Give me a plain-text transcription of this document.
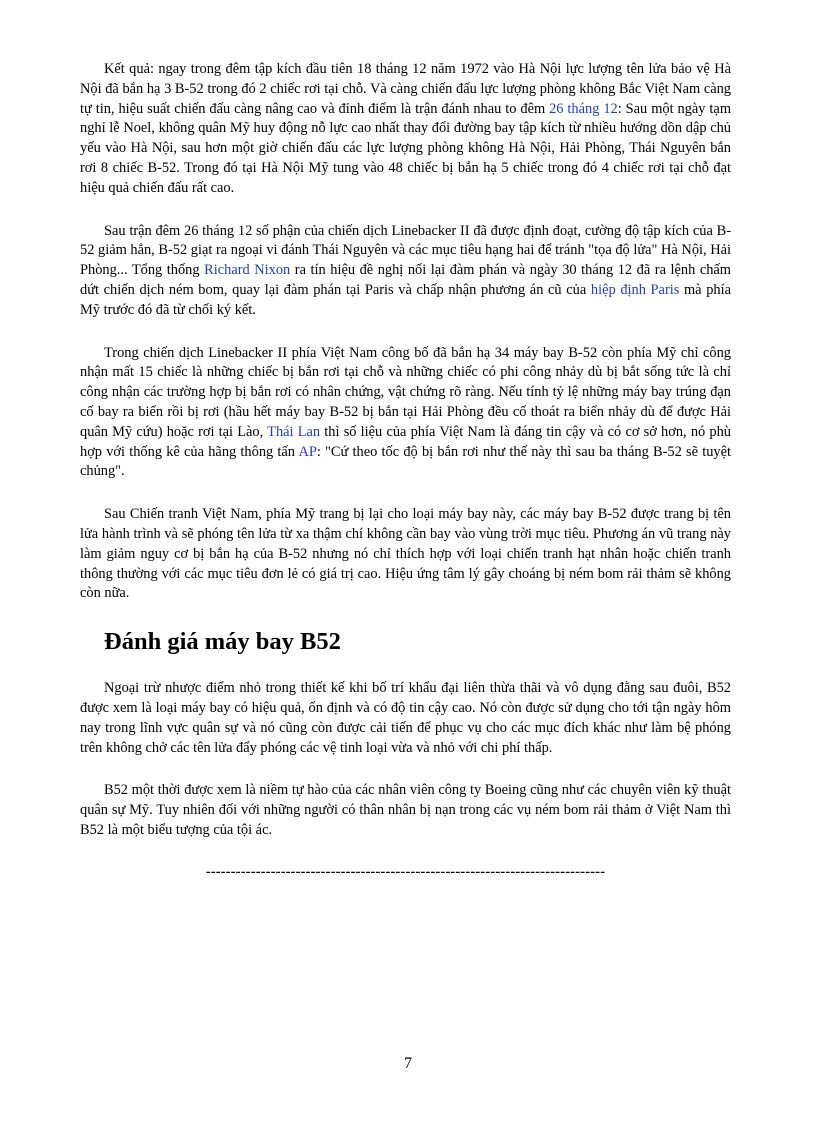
Kết quả: ngay trong đêm tập kích đầu tiên 18 tháng 12 năm 1972 vào Hà Nội lực lượng tên lửa bảo vệ Hà Nội đã bắn hạ 3 B-52 trong đó 2 chiếc rơi tại chỗ. Và càng chiến đấu lực lượng phòng không Bắc Việt Nam càng tự tin, hiệu suất chiến đấu càng nâng cao và đỉnh điểm là trận đánh nhau to đêm 26 tháng 12: Sau một ngày tạm nghỉ lễ Noel, không quân Mỹ huy động nỗ lực cao nhất thay đổi đường bay tập kích từ nhiều hướng dồn dập chủ yếu vào Hà Nội, sau hơn một giờ chiến đấu các lực lượng phòng không Hà Nội, Hải Phòng, Thái Nguyên bắn rơi 8 chiếc B-52. Trong đó tại Hà Nội Mỹ tung vào 48 chiếc bị bắn hạ 5 chiếc trong đó 4 chiếc rơi tại chỗ đạt hiệu quả chiến đấu rất cao.

Sau trận đêm 26 tháng 12 số phận của chiến dịch Linebacker II đã được định đoạt, cường độ tập kích của B-52 giảm hẳn, B-52 giạt ra ngoại vi đánh Thái Nguyên và các mục tiêu hạng hai để tránh "tọa độ lửa" Hà Nội, Hải Phòng... Tổng thống Richard Nixon ra tín hiệu đề nghị nối lại đàm phán và ngày 30 tháng 12 đã ra lệnh chấm dứt chiến dịch ném bom, quay lại đàm phán tại Paris và chấp nhận phương án cũ của hiệp định Paris mà phía Mỹ trước đó đã từ chối ký kết.

Trong chiến dịch Linebacker II phía Việt Nam công bố đã bắn hạ 34 máy bay B-52 còn phía Mỹ chỉ công nhận mất 15 chiếc là những chiếc bị bắn rơi tại chỗ và những chiếc có phi công nhảy dù bị bắt sống tức là chỉ công nhận các trường hợp bị bắn rơi có nhân chứng, vật chứng rõ ràng. Nếu tính tỷ lệ những máy bay trúng đạn cố bay ra biển rồi bị rơi (hầu hết máy bay B-52 bị bắn tại Hải Phòng đều cố thoát ra biển nhảy dù để được Hải quân Mỹ cứu) hoặc rơi tại Lào, Thái Lan thì số liệu của phía Việt Nam là đáng tin cậy và có cơ sở hơn, nó phù hợp với thống kê của hãng thông tấn AP: "Cứ theo tốc độ bị bắn rơi như thế này thì sau ba tháng B-52 sẽ tuyệt chủng".

Sau Chiến tranh Việt Nam, phía Mỹ trang bị lại cho loại máy bay này, các máy bay B-52 được trang bị tên lửa hành trình và sẽ phóng tên lửa từ xa thậm chí không cần bay vào vùng trời mục tiêu. Phương án vũ trang này làm giảm nguy cơ bị bắn hạ của B-52 nhưng nó chỉ thích hợp với loại chiến tranh hạt nhân hoặc chiến tranh thông thường với các mục tiêu đơn lẻ có giá trị cao. Hiệu ứng tâm lý gây choáng bị ném bom rải thảm sẽ không còn nữa.

Đánh giá máy bay B52

Ngoại trừ nhược điểm nhỏ trong thiết kế khi bố trí khẩu đại liên thừa thãi và vô dụng đằng sau đuôi, B52 được xem là loại máy bay có hiệu quả, ổn định và có độ tin cậy cao. Nó còn được sử dụng cho tới tận ngày hôm nay trong lĩnh vực quân sự và nó cũng còn được cải tiến để phục vụ cho các mục đích khác như làm bệ phóng trên không chở các tên lửa đẩy phóng các vệ tinh loại vừa và nhỏ với chi phí thấp.

B52 một thời được xem là niềm tự hào của các nhân viên công ty Boeing cũng như các chuyên viên kỹ thuật quân sự Mỹ. Tuy nhiên đối với những người có thân nhân bị nạn trong các vụ ném bom rải thảm ở Việt Nam thì B52 là một biểu tượng của tội ác.

--------------------------------------------------------------------------------

7
